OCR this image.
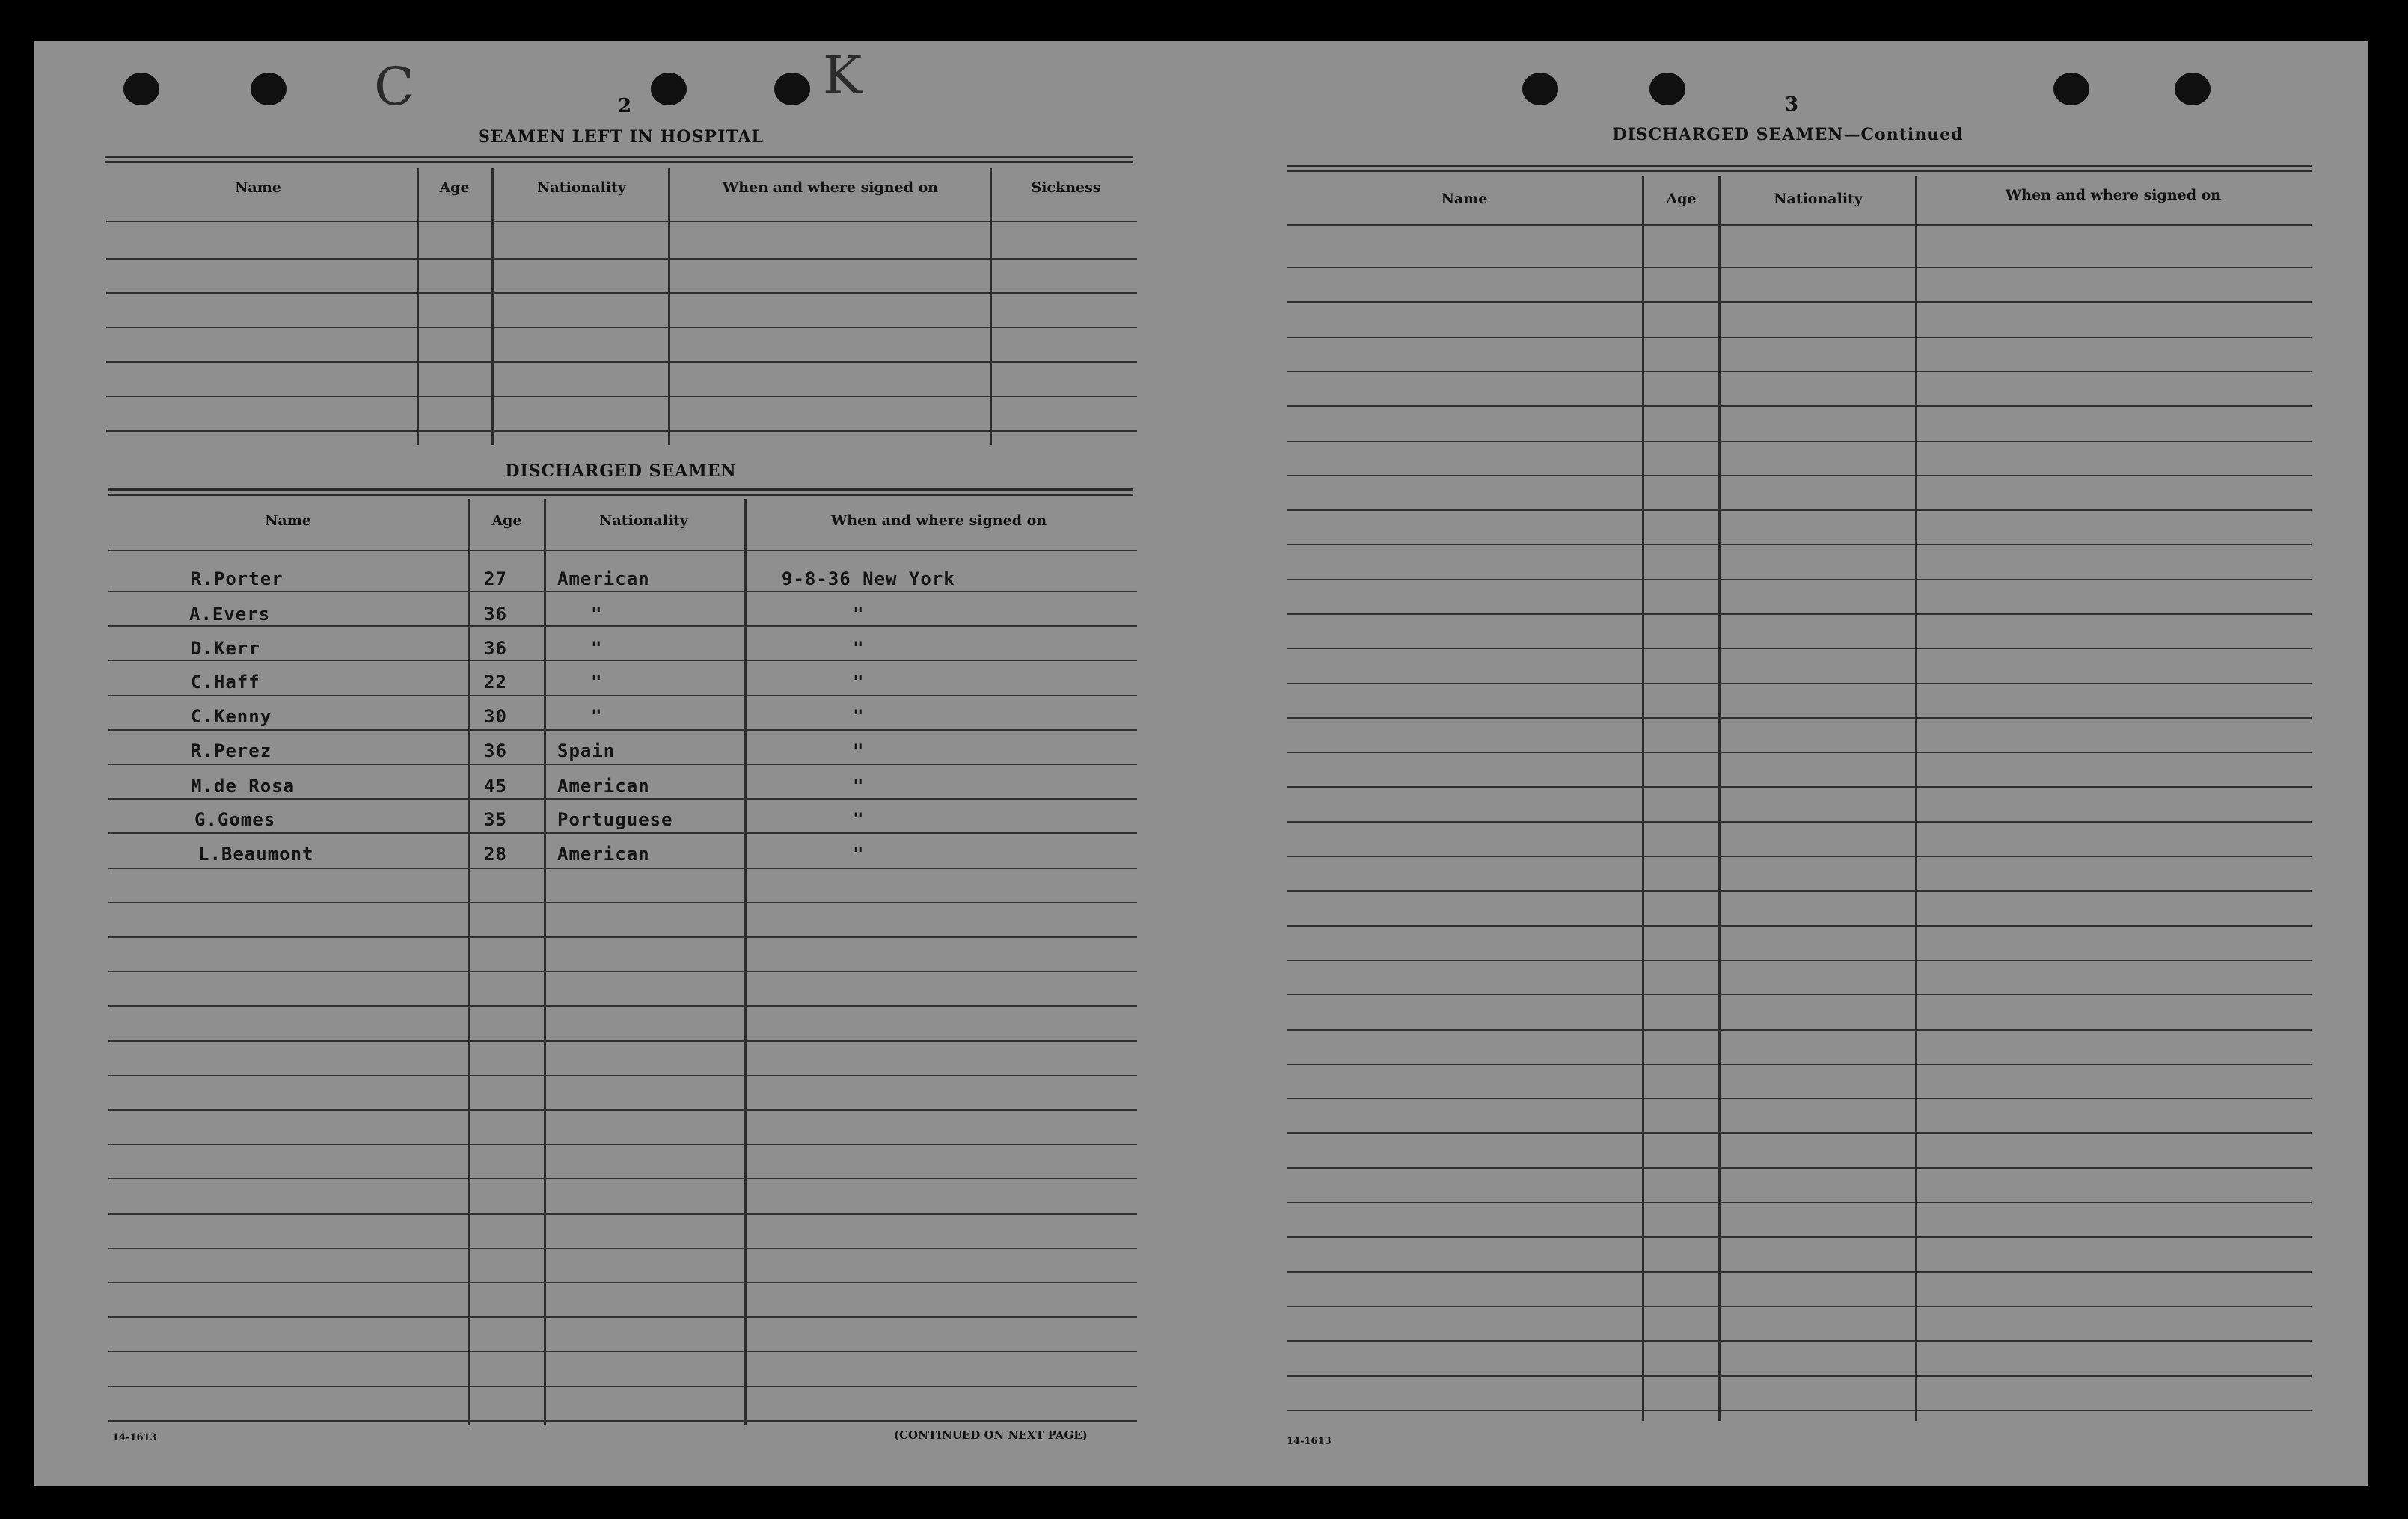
C	K
2
SEAMEN LEFT IN HOSPITAL
Name	Age	Nationality	When and where signed on	Sickness
DISCHARGED SEAMEN
Name	Age	Nationality	When and where signed on
R.Porter	27	American	9-8-36 New York
A.Evers	36	"	"
D.Kerr	36	"	"
C.Haff	22	"	"
C.Kenny	30	"	"
R.Perez	36	Spain	"
M.de Rosa	45	American	"
G.Gomes	35	Portuguese	"
L.Beaumont	28	American	"
14-1613	(CONTINUED ON NEXT PAGE)
3
DISCHARGED SEAMEN—Continued
Name	Age	Nationality	When and where signed on
14-1613
